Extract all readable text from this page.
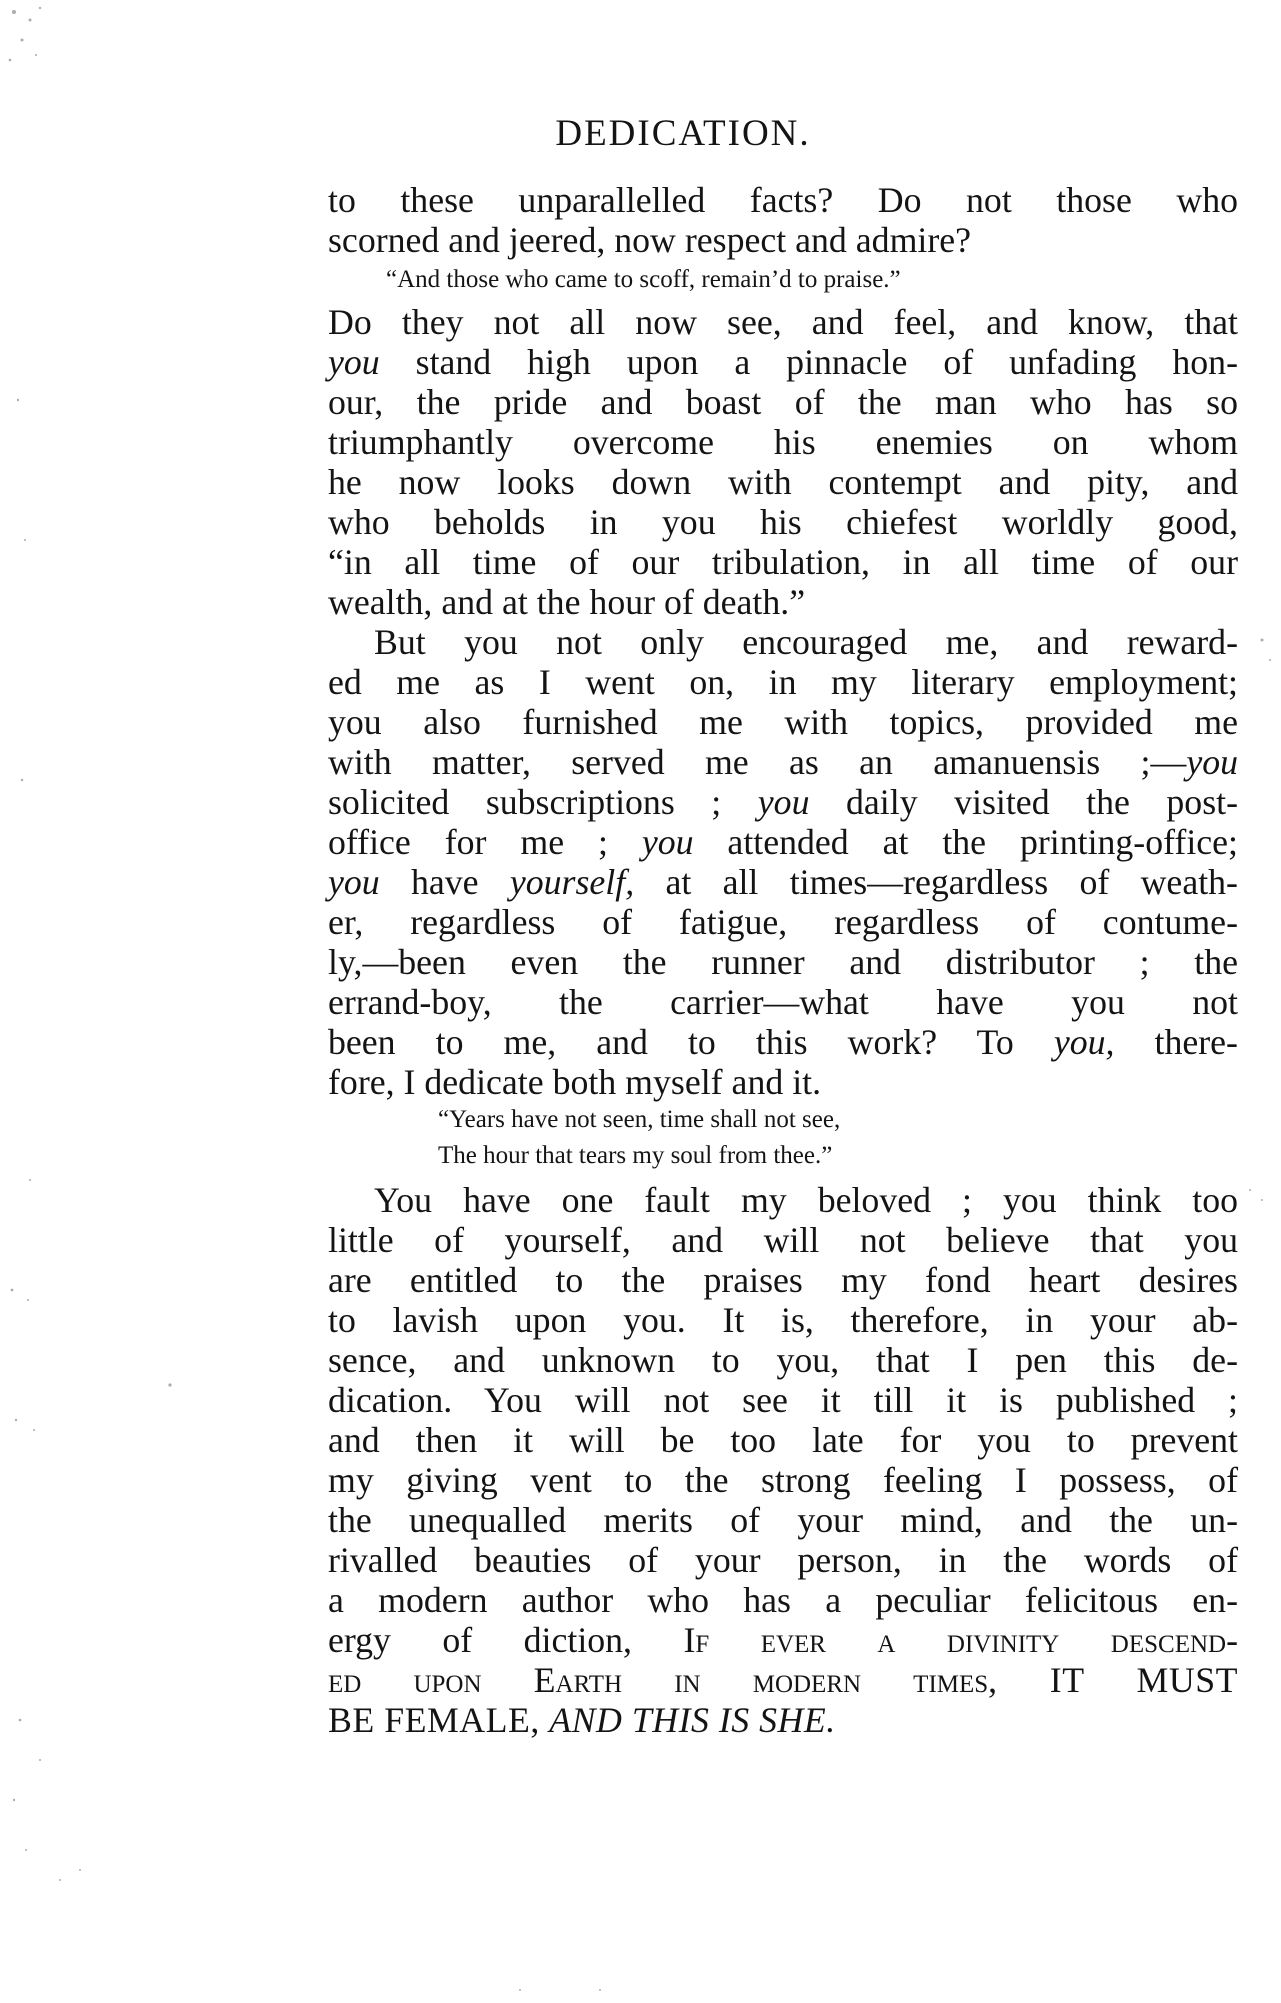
DEDICATION.
to these unparallelled facts? Do not those who
scorned and jeered, now respect and admire?
“And those who came to scoff, remain’d to praise.”
Do they not all now see, and feel, and know, that
you stand high upon a pinnacle of unfading hon-
our, the pride and boast of the man who has so
triumphantly overcome his enemies on whom
he now looks down with contempt and pity, and
who beholds in you his chiefest worldly good,
“in all time of our tribulation, in all time of our
wealth, and at the hour of death.”
But you not only encouraged me, and reward-
ed me as I went on, in my literary employment;
you also furnished me with topics, provided me
with matter, served me as an amanuensis ;—you
solicited subscriptions ; you daily visited the post-
office for me ; you attended at the printing-office;
you have yourself, at all times—regardless of weath-
er, regardless of fatigue, regardless of contume-
ly,—been even the runner and distributor ; the
errand-boy, the carrier—what have you not
been to me, and to this work? To you, there-
fore, I dedicate both myself and it.
“Years have not seen, time shall not see,
The hour that tears my soul from thee.”
You have one fault my beloved ; you think too
little of yourself, and will not believe that you
are entitled to the praises my fond heart desires
to lavish upon you. It is, therefore, in your ab-
sence, and unknown to you, that I pen this de-
dication. You will not see it till it is published ;
and then it will be too late for you to prevent
my giving vent to the strong feeling I possess, of
the unequalled merits of your mind, and the un-
rivalled beauties of your person, in the words of
a modern author who has a peculiar felicitous en-
ergy of diction, If ever a divinity descend-
ed upon Earth in modern times, IT MUST
BE FEMALE, AND THIS IS SHE.
